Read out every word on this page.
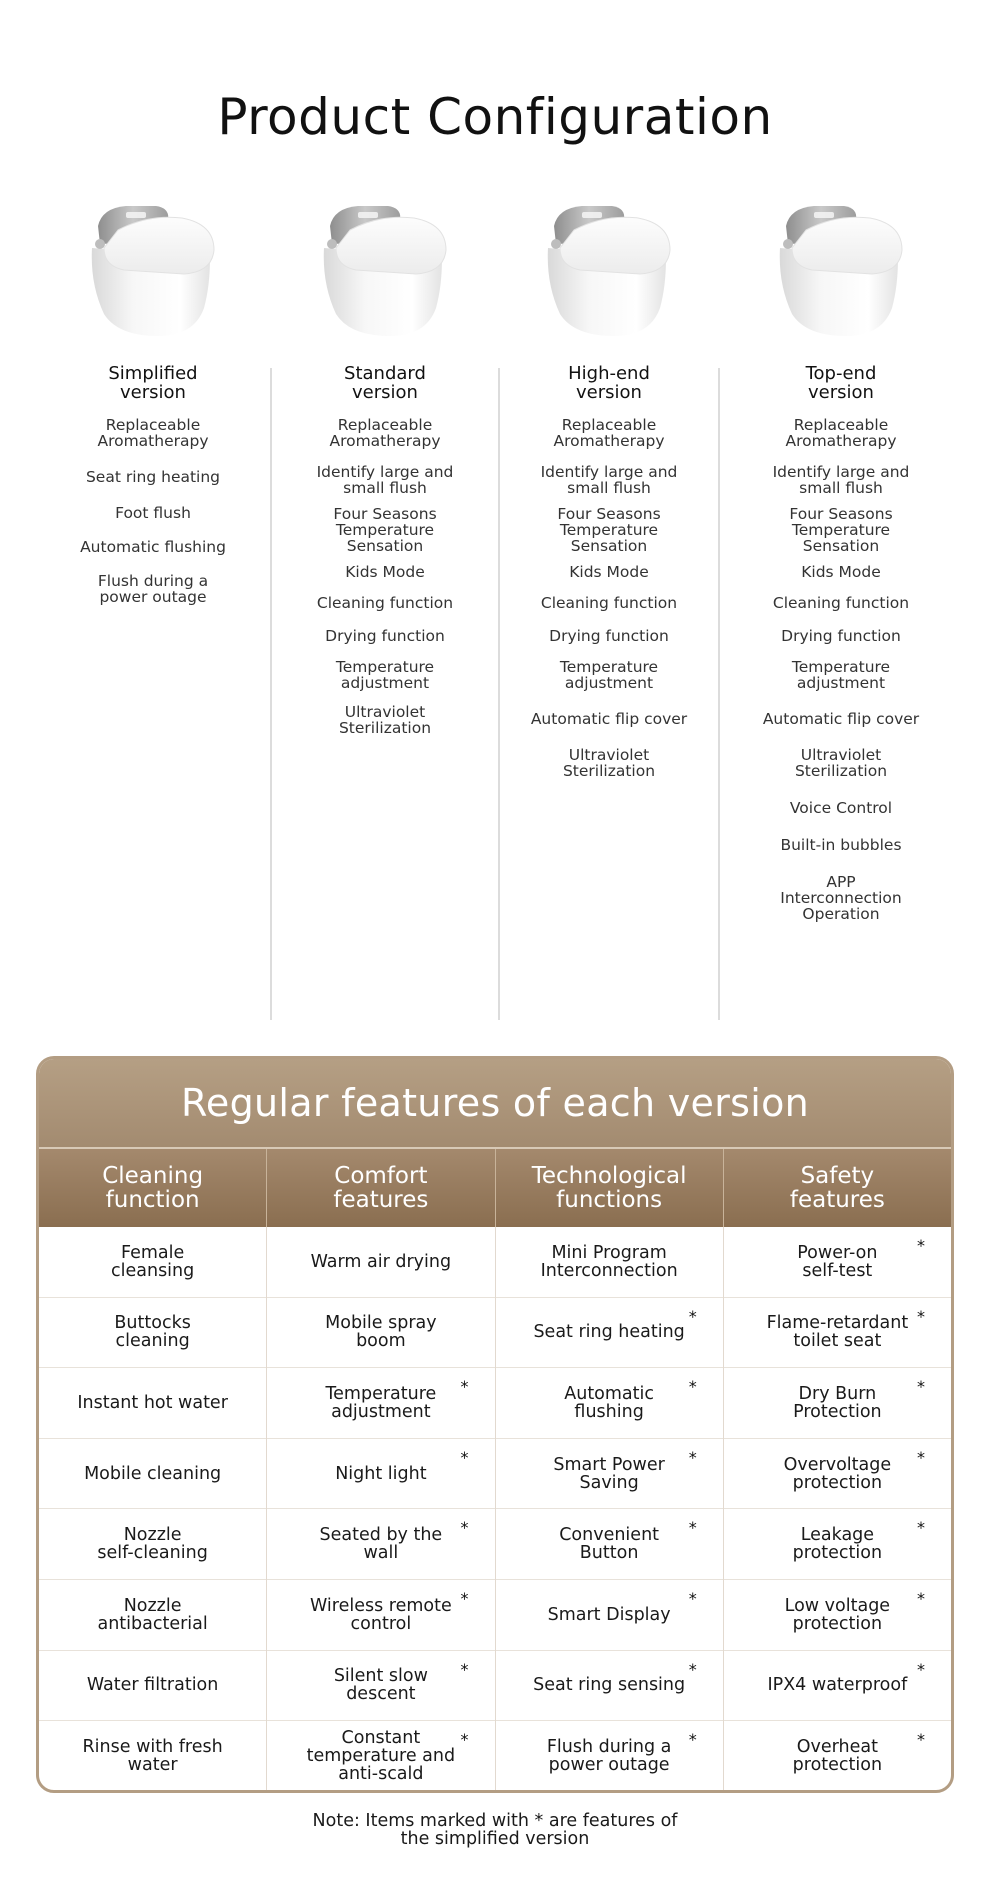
Product Configuration
Simplified
version
Replaceable
Aromatherapy
Seat ring heating
Foot flush
Automatic flushing
Flush during a
power outage
Standard
version
Replaceable
Aromatherapy
Identify large and
small flush
Four Seasons
Temperature
Sensation
Kids Mode
Cleaning function
Drying function
Temperature
adjustment
Ultraviolet
Sterilization
High-end
version
Replaceable
Aromatherapy
Identify large and
small flush
Four Seasons
Temperature
Sensation
Kids Mode
Cleaning function
Drying function
Temperature
adjustment
Automatic flip cover
Ultraviolet
Sterilization
Top-end
version
Replaceable
Aromatherapy
Identify large and
small flush
Four Seasons
Temperature
Sensation
Kids Mode
Cleaning function
Drying function
Temperature
adjustment
Automatic flip cover
Ultraviolet
Sterilization
Voice Control
Built-in bubbles
APP
Interconnection
Operation
Regular features of each version
Cleaning
function
Comfort
features
Technological
functions
Safety
features
Female
cleansing
Buttocks
cleaning
Instant hot water
Mobile cleaning
Nozzle
self-cleaning
Nozzle
antibacterial
Water filtration
Rinse with fresh
water
Warm air drying
Mobile spray
boom
Temperature
adjustment
*
Night light
*
Seated by the
wall
*
Wireless remote
control
*
Silent slow
descent
*
Constant
temperature and
anti-scald
*
Mini Program
Interconnection
Seat ring heating
*
Automatic
flushing
*
Smart Power
Saving
*
Convenient
Button
*
Smart Display
*
Seat ring sensing
*
Flush during a
power outage
*
Power-on
self-test
*
Flame-retardant
toilet seat
*
Dry Burn
Protection
*
Overvoltage
protection
*
Leakage
protection
*
Low voltage
protection
*
IPX4 waterproof
*
Overheat
protection
*
Note: Items marked with * are features of
the simplified version
